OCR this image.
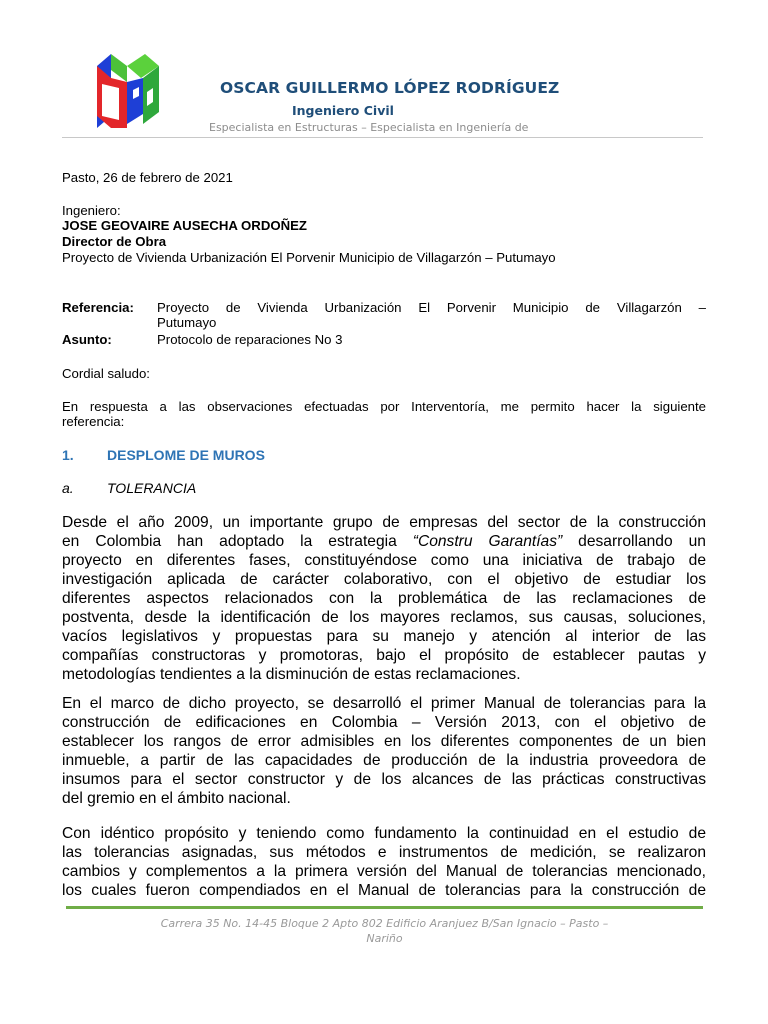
OSCAR GUILLERMO LÓPEZ RODRÍGUEZ
Ingeniero Civil
Especialista en Estructuras – Especialista en Ingeniería de
Pasto, 26 de febrero de 2021
Ingeniero:
JOSE GEOVAIRE AUSECHA ORDOÑEZ
Director de Obra
Proyecto de Vivienda Urbanización El Porvenir Municipio de Villagarzón – Putumayo
Referencia: Proyecto de Vivienda Urbanización El Porvenir Municipio de Villagarzón –
Putumayo
Asunto:	Protocolo de reparaciones No 3
Cordial saludo:
En respuesta a las observaciones efectuadas por Interventoría, me permito hacer la siguiente
referencia:
1. DESPLOME DE MUROS
a. TOLERANCIA
Desde el año 2009, un importante grupo de empresas del sector de la construcción
en Colombia han adoptado la estrategia “Constru Garantías” desarrollando un
proyecto en diferentes fases, constituyéndose como una iniciativa de trabajo de
investigación aplicada de carácter colaborativo, con el objetivo de estudiar los
diferentes aspectos relacionados con la problemática de las reclamaciones de
postventa, desde la identificación de los mayores reclamos, sus causas, soluciones,
vacíos legislativos y propuestas para su manejo y atención al interior de las
compañías constructoras y promotoras, bajo el propósito de establecer pautas y
metodologías tendientes a la disminución de estas reclamaciones.
En el marco de dicho proyecto, se desarrolló el primer Manual de tolerancias para la
construcción de edificaciones en Colombia – Versión 2013, con el objetivo de
establecer los rangos de error admisibles en los diferentes componentes de un bien
inmueble, a partir de las capacidades de producción de la industria proveedora de
insumos para el sector constructor y de los alcances de las prácticas constructivas
del gremio en el ámbito nacional.
Con idéntico propósito y teniendo como fundamento la continuidad en el estudio de
las tolerancias asignadas, sus métodos e instrumentos de medición, se realizaron
cambios y complementos a la primera versión del Manual de tolerancias mencionado,
los cuales fueron compendiados en el Manual de tolerancias para la construcción de
Carrera 35 No. 14-45 Bloque 2 Apto 802 Edificio Aranjuez B/San Ignacio – Pasto –
Nariño
